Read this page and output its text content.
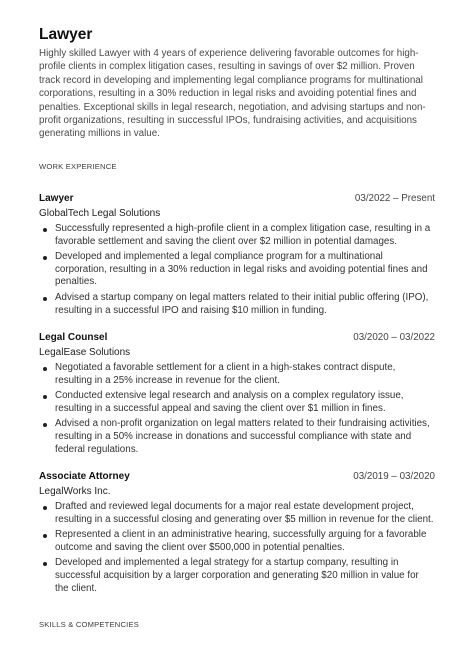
Lawyer
Highly skilled Lawyer with 4 years of experience delivering favorable outcomes for high-profile clients in complex litigation cases, resulting in savings of over $2 million. Proven track record in developing and implementing legal compliance programs for multinational corporations, resulting in a 30% reduction in legal risks and avoiding potential fines and penalties. Exceptional skills in legal research, negotiation, and advising startups and non-profit organizations, resulting in successful IPOs, fundraising activities, and acquisitions generating millions in value.
WORK EXPERIENCE
Lawyer	03/2022 – Present
GlobalTech Legal Solutions
Successfully represented a high-profile client in a complex litigation case, resulting in a favorable settlement and saving the client over $2 million in potential damages.
Developed and implemented a legal compliance program for a multinational corporation, resulting in a 30% reduction in legal risks and avoiding potential fines and penalties.
Advised a startup company on legal matters related to their initial public offering (IPO), resulting in a successful IPO and raising $10 million in funding.
Legal Counsel	03/2020 – 03/2022
LegalEase Solutions
Negotiated a favorable settlement for a client in a high-stakes contract dispute, resulting in a 25% increase in revenue for the client.
Conducted extensive legal research and analysis on a complex regulatory issue, resulting in a successful appeal and saving the client over $1 million in fines.
Advised a non-profit organization on legal matters related to their fundraising activities, resulting in a 50% increase in donations and successful compliance with state and federal regulations.
Associate Attorney	03/2019 – 03/2020
LegalWorks Inc.
Drafted and reviewed legal documents for a major real estate development project, resulting in a successful closing and generating over $5 million in revenue for the client.
Represented a client in an administrative hearing, successfully arguing for a favorable outcome and saving the client over $500,000 in potential penalties.
Developed and implemented a legal strategy for a startup company, resulting in successful acquisition by a larger corporation and generating $20 million in value for the client.
SKILLS & COMPETENCIES
